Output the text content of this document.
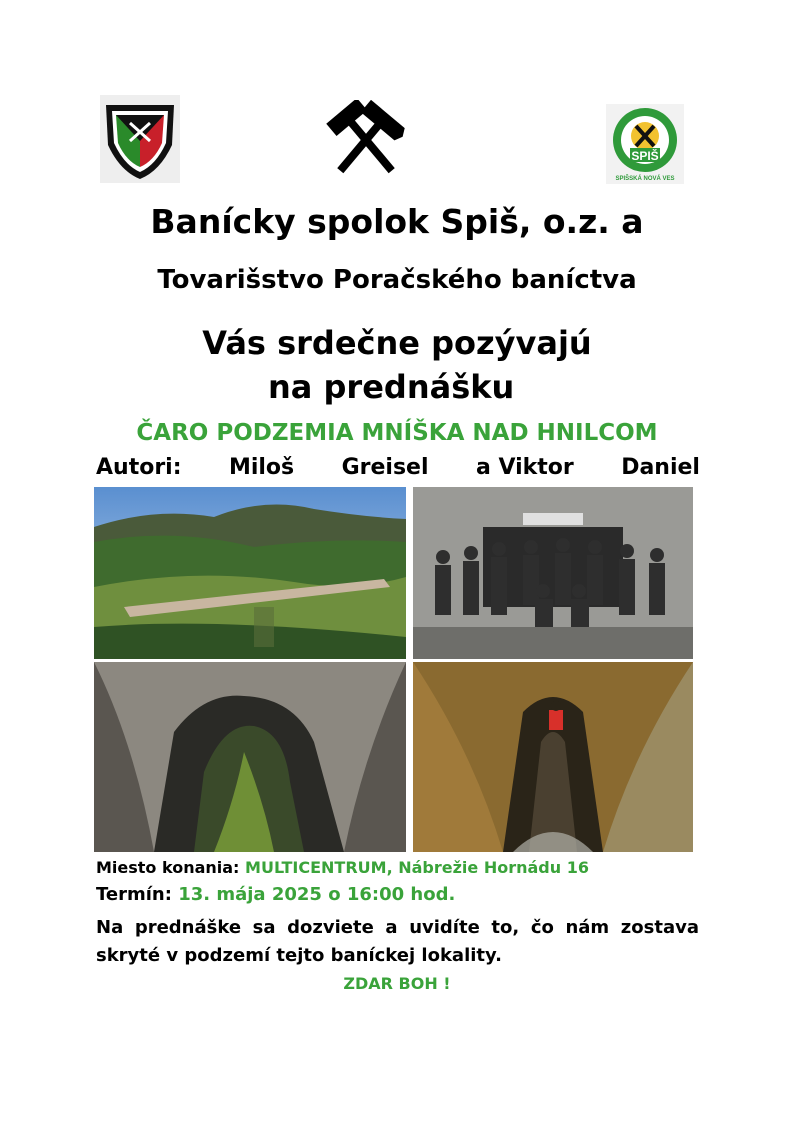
SPIŠ
SPIŠSKÁ NOVÁ VES
Banícky spolok Spiš, o.z. a
Tovarišstvo Poračského baníctva
Vás srdečne pozývajú
na prednášku
ČARO PODZEMIA MNÍŠKA NAD HNILCOM
Autori: Miloš Greisel a Viktor Daniel
Miesto konania: MULTICENTRUM, Nábrežie Hornádu 16
Termín: 13. mája 2025 o 16:00 hod.
Na prednáške sa dozviete a uvidíte to, čo nám zostava skryté v podzemí tejto baníckej lokality.
ZDAR BOH !
